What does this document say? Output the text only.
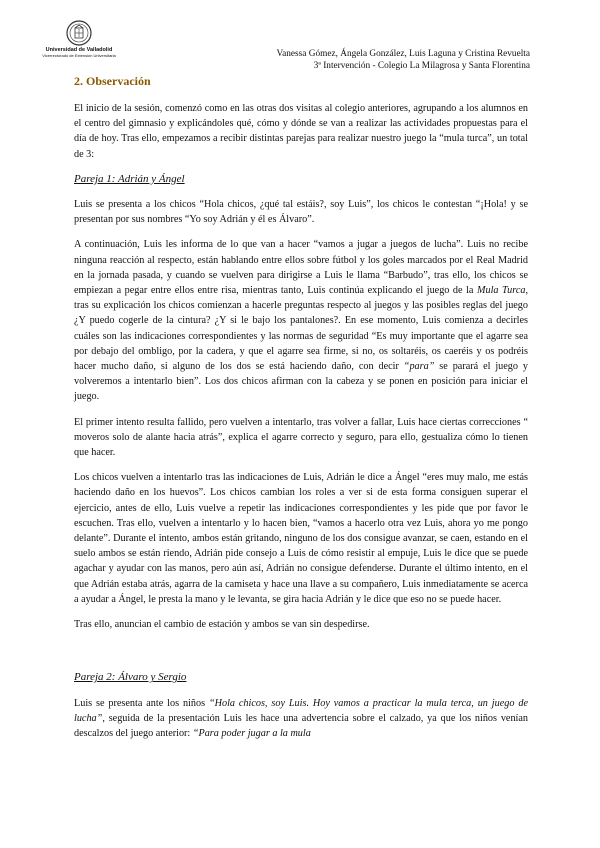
Universidad de Valladolid
Vicerrectorado de Extensión Universitaria	Vanessa Gómez, Ángela González, Luis Laguna y Cristina Revuelta
3ª Intervención - Colegio La Milagrosa y Santa Florentina
2. Observación

El inicio de la sesión, comenzó como en las otras dos visitas al colegio anteriores, agrupando a los alumnos en el centro del gimnasio y explicándoles qué, cómo y dónde se van a realizar las actividades propuestas para el día de hoy. Tras ello, empezamos a recibir distintas parejas para realizar nuestro juego la “mula turca”, un total de 3:

Pareja 1: Adrián y Ángel

Luis se presenta a los chicos “Hola chicos, ¿qué tal estáis?, soy Luis”, los chicos le contestan “¡Hola! y se presentan por sus nombres “Yo soy Adrián y él es Álvaro”.

A continuación, Luis les informa de lo que van a hacer “vamos a jugar a juegos de lucha”. Luis no recibe ninguna reacción al respecto, están hablando entre ellos sobre fútbol y los goles marcados por el Real Madrid en la jornada pasada, y cuando se vuelven para dirigirse a Luis le llama “Barbudo”, tras ello, los chicos se empiezan a pegar entre ellos entre risa, mientras tanto, Luis continúa explicando el juego de la Mula Turca, tras su explicación los chicos comienzan a hacerle preguntas respecto al juegos y las posibles reglas del juego ¿Y puedo cogerle de la cintura? ¿Y si le bajo los pantalones?. En ese momento, Luis comienza a decirles cuáles son las indicaciones correspondientes y las normas de seguridad “Es muy importante que el agarre sea por debajo del ombligo, por la cadera, y que el agarre sea firme, si no, os soltaréis, os caeréis y os podréis hacer mucho daño, si alguno de los dos se está haciendo daño, con decir “para” se parará el juego y volveremos a intentarlo bien”. Los dos chicos afirman con la cabeza y se ponen en posición para iniciar el juego.

El primer intento resulta fallido, pero vuelven a intentarlo, tras volver a fallar, Luis hace ciertas correcciones “ moveros solo de alante hacia atrás”, explica el agarre correcto y seguro, para ello, gestualiza cómo lo tienen que hacer.

Los chicos vuelven a intentarlo tras las indicaciones de Luis, Adrián le dice a Ángel “eres muy malo, me estás haciendo daño en los huevos”. Los chicos cambian los roles a ver si de esta forma consiguen superar el ejercicio, antes de ello, Luis vuelve a repetir las indicaciones correspondientes y les pide que por favor le escuchen. Tras ello, vuelven a intentarlo y lo hacen bien, “vamos a hacerlo otra vez Luis, ahora yo me pongo delante”. Durante el intento, ambos están gritando, ninguno de los dos consigue avanzar, se caen, estando en el suelo ambos se están riendo, Adrián pide consejo a Luis de cómo resistir al empuje, Luis le dice que se puede agachar y ayudar con las manos, pero aún así, Adrián no consigue defenderse. Durante el último intento, en el que Adrián estaba atrás, agarra de la camiseta y hace una llave a su compañero, Luis inmediatamente se acerca a ayudar a Ángel, le presta la mano y le levanta, se gira hacia Adrián y le dice que eso no se puede hacer.

Tras ello, anuncian el cambio de estación y ambos se van sin despedirse.

Pareja 2: Álvaro y Sergio

Luis se presenta ante los niños “Hola chicos, soy Luis. Hoy vamos a practicar la mula terca, un juego de lucha”, seguida de la presentación Luis les hace una advertencia sobre el calzado, ya que los niños venían descalzos del juego anterior: “Para poder jugar a la mula
